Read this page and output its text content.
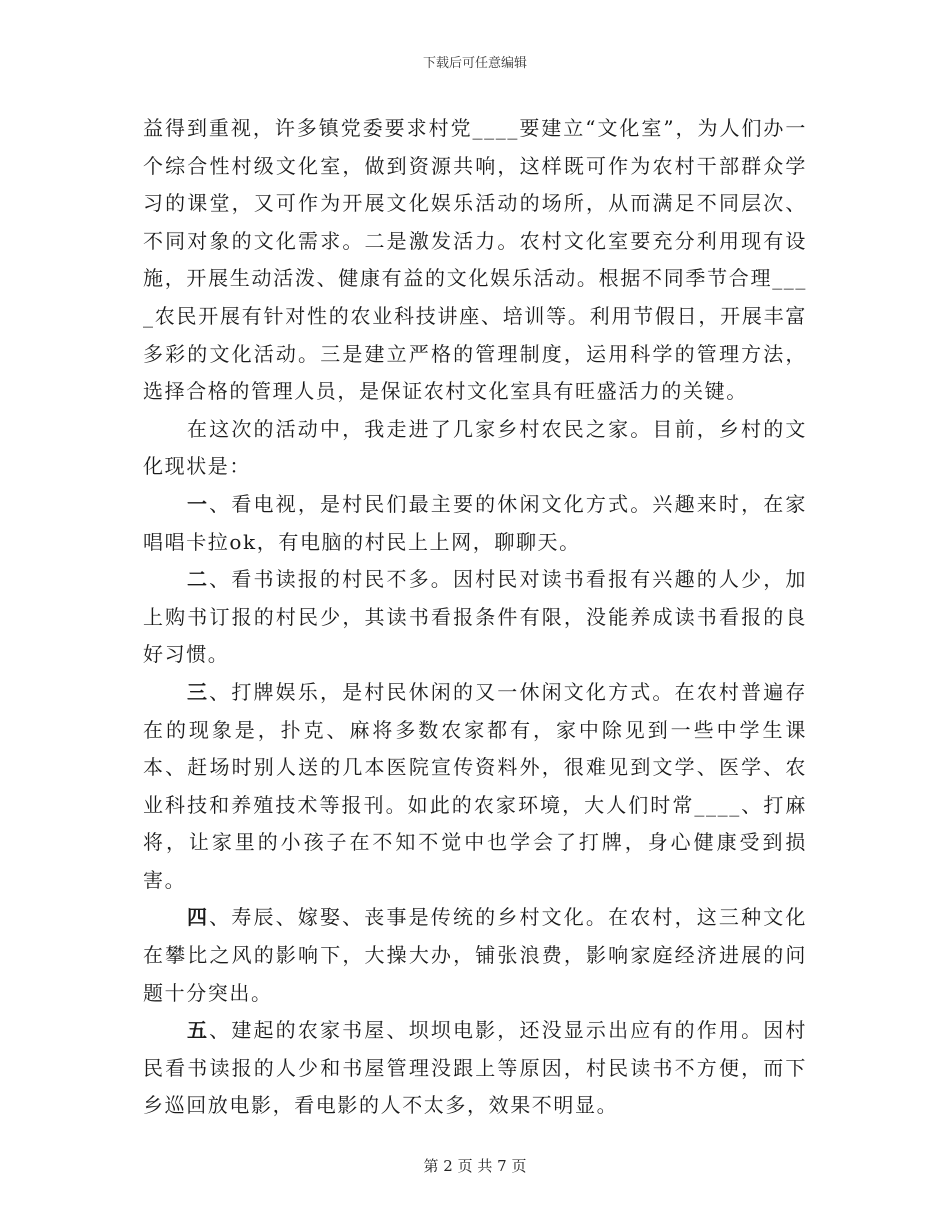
下载后可任意编辑

益得到重视，许多镇党委要求村党____要建立“文化室”，为人们办一个综合性村级文化室，做到资源共响，这样既可作为农村干部群众学习的课堂，又可作为开展文化娱乐活动的场所，从而满足不同层次、不同对象的文化需求。二是激发活力。农村文化室要充分利用现有设施，开展生动活泼、健康有益的文化娱乐活动。根据不同季节合理____农民开展有针对性的农业科技讲座、培训等。利用节假日，开展丰富多彩的文化活动。三是建立严格的管理制度，运用科学的管理方法，选择合格的管理人员，是保证农村文化室具有旺盛活力的关键。

在这次的活动中，我走进了几家乡村农民之家。目前，乡村的文化现状是：

一、看电视，是村民们最主要的休闲文化方式。兴趣来时，在家唱唱卡拉ok，有电脑的村民上上网，聊聊天。

二、看书读报的村民不多。因村民对读书看报有兴趣的人少，加上购书订报的村民少，其读书看报条件有限，没能养成读书看报的良好习惯。

三、打牌娱乐，是村民休闲的又一休闲文化方式。在农村普遍存在的现象是，扑克、麻将多数农家都有，家中除见到一些中学生课本、赶场时别人送的几本医院宣传资料外，很难见到文学、医学、农业科技和养殖技术等报刊。如此的农家环境，大人们时常____、打麻将，让家里的小孩子在不知不觉中也学会了打牌，身心健康受到损害。

四、寿辰、嫁娶、丧事是传统的乡村文化。在农村，这三种文化在攀比之风的影响下，大操大办，铺张浪费，影响家庭经济进展的问题十分突出。

五、建起的农家书屋、坝坝电影，还没显示出应有的作用。因村民看书读报的人少和书屋管理没跟上等原因，村民读书不方便，而下乡巡回放电影，看电影的人不太多，效果不明显。

第 2 页 共 7 页
